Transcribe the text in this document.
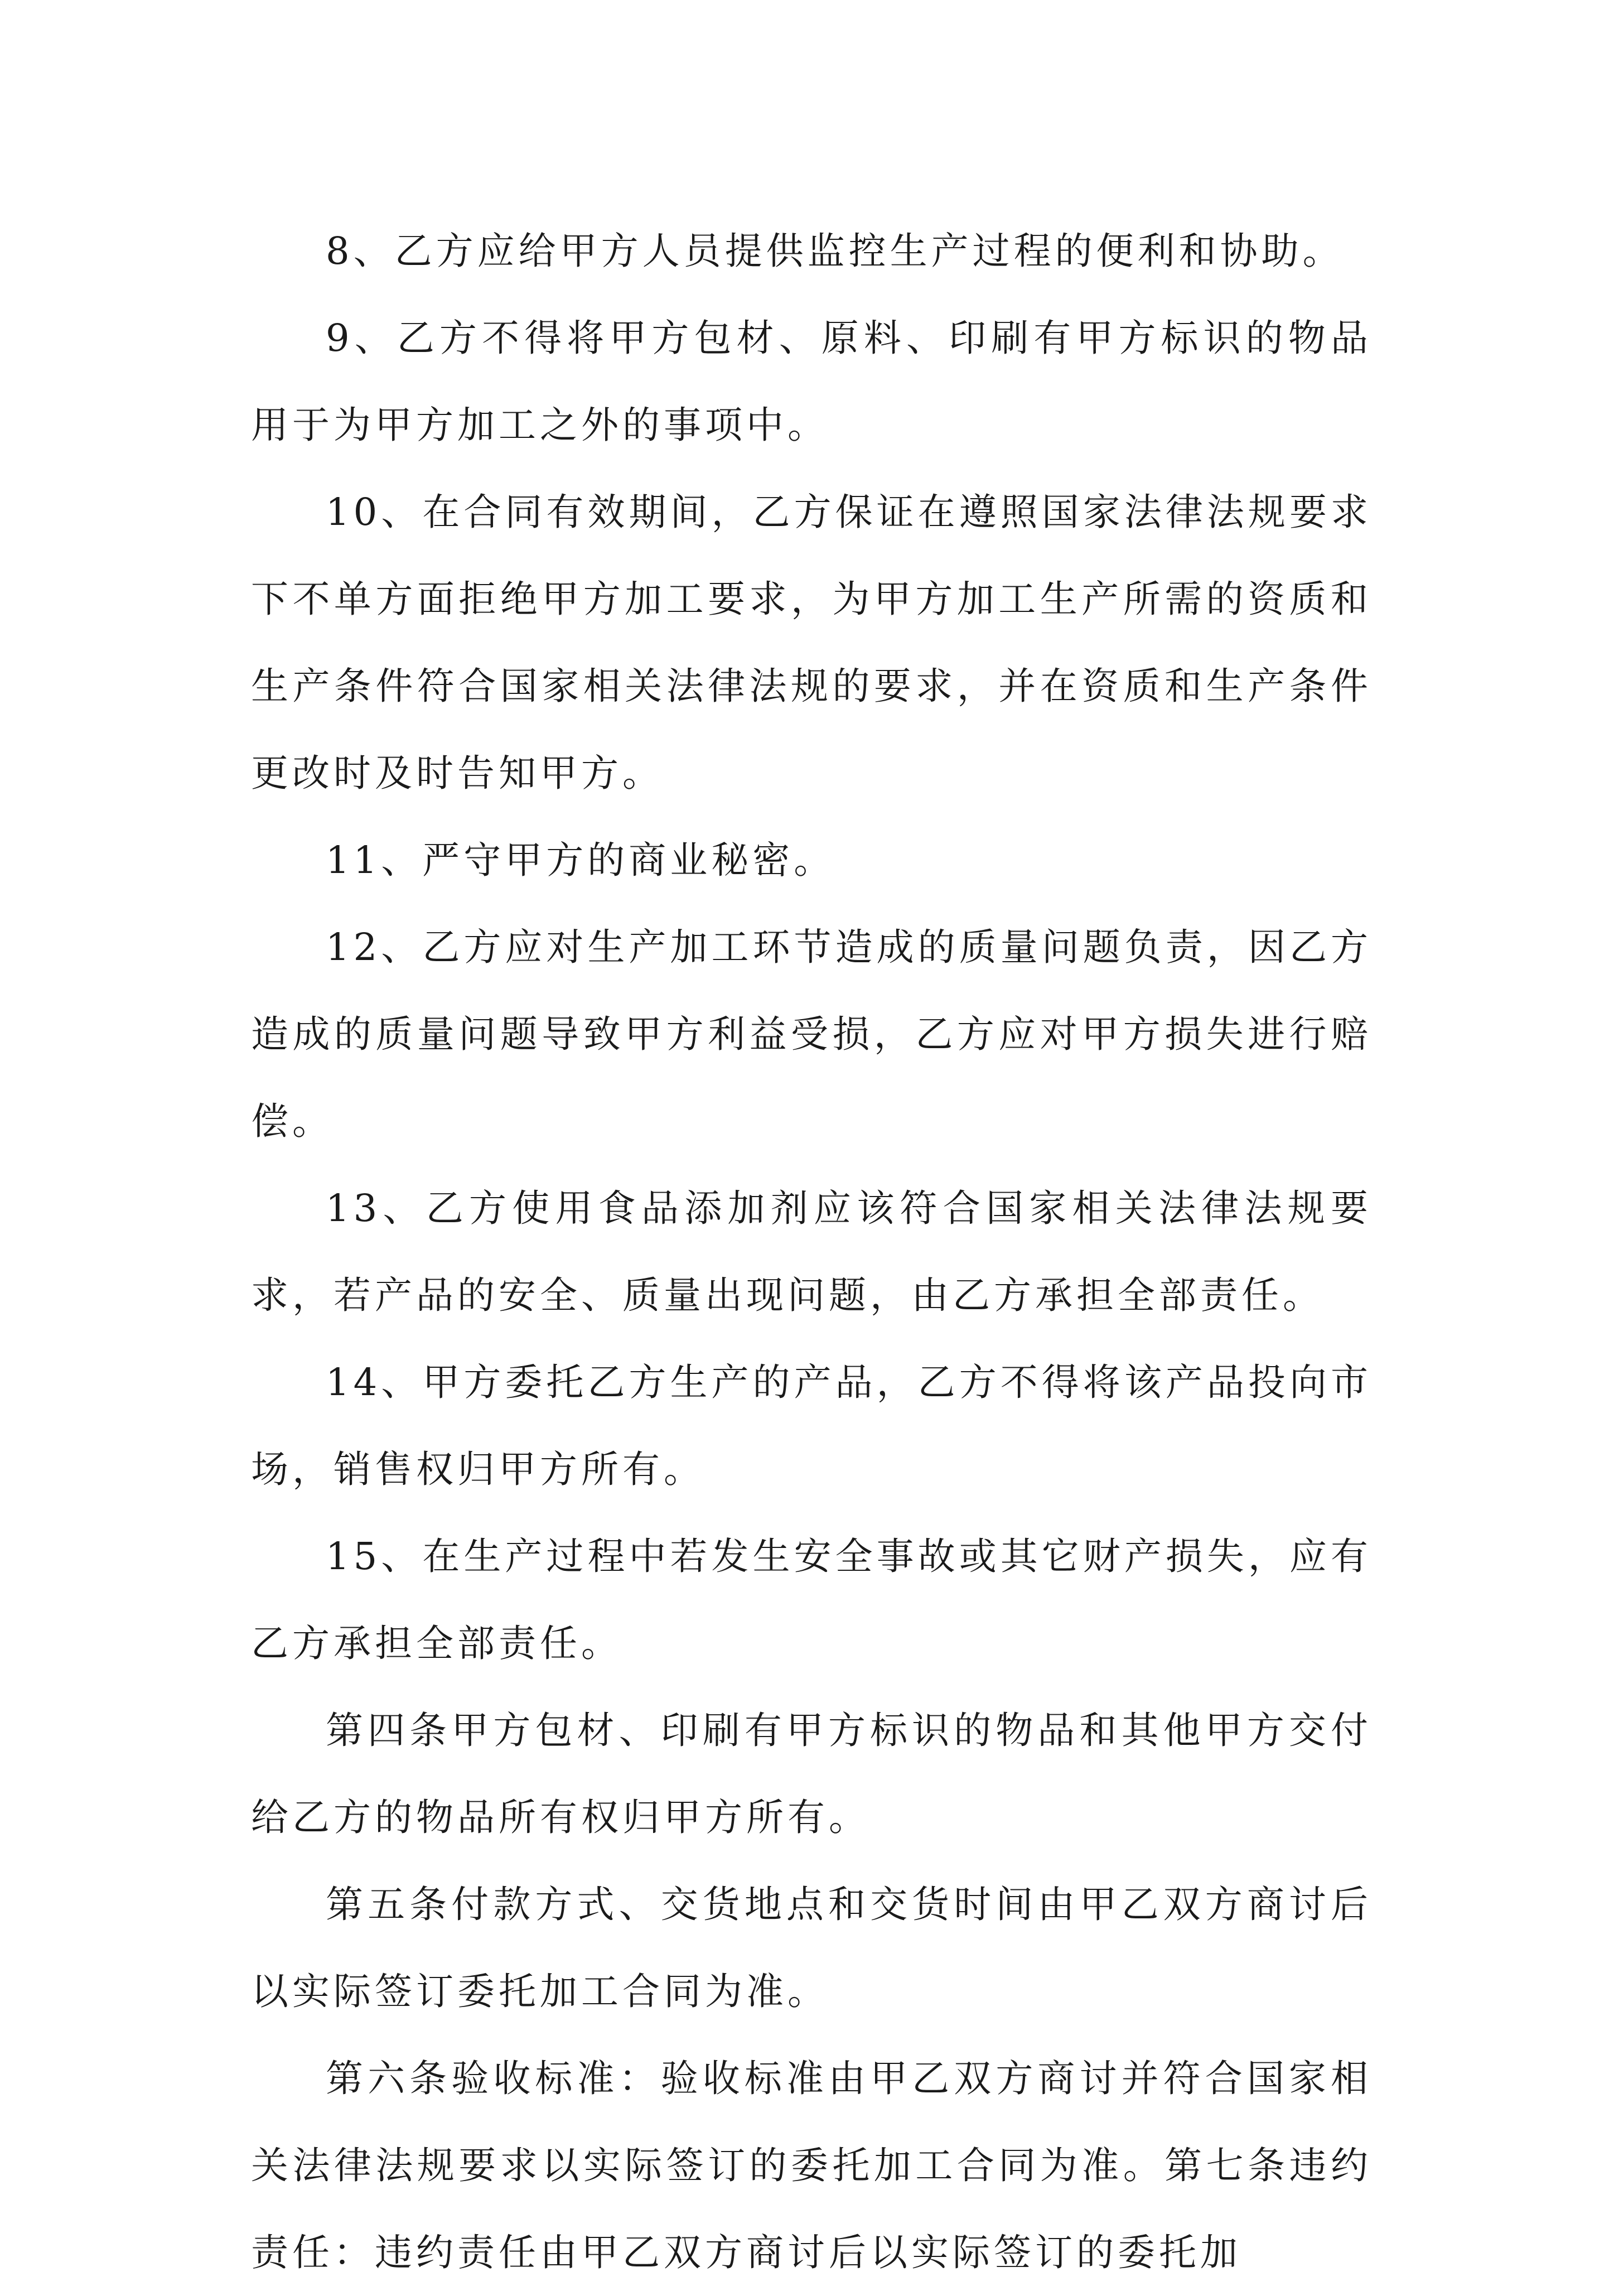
8、乙方应给甲方人员提供监控生产过程的便利和协助。

9、乙方不得将甲方包材、原料、印刷有甲方标识的物品用于为甲方加工之外的事项中。

10、在合同有效期间，乙方保证在遵照国家法律法规要求下不单方面拒绝甲方加工要求，为甲方加工生产所需的资质和生产条件符合国家相关法律法规的要求，并在资质和生产条件更改时及时告知甲方。

11、严守甲方的商业秘密。

12、乙方应对生产加工环节造成的质量问题负责，因乙方造成的质量问题导致甲方利益受损，乙方应对甲方损失进行赔偿。

13、乙方使用食品添加剂应该符合国家相关法律法规要求，若产品的安全、质量出现问题，由乙方承担全部责任。

14、甲方委托乙方生产的产品，乙方不得将该产品投向市场，销售权归甲方所有。

15、在生产过程中若发生安全事故或其它财产损失，应有乙方承担全部责任。

第四条甲方包材、印刷有甲方标识的物品和其他甲方交付给乙方的物品所有权归甲方所有。

第五条付款方式、交货地点和交货时间由甲乙双方商讨后以实际签订委托加工合同为准。

第六条验收标准：验收标准由甲乙双方商讨并符合国家相关法律法规要求以实际签订的委托加工合同为准。第七条违约责任：违约责任由甲乙双方商讨后以实际签订的委托加
